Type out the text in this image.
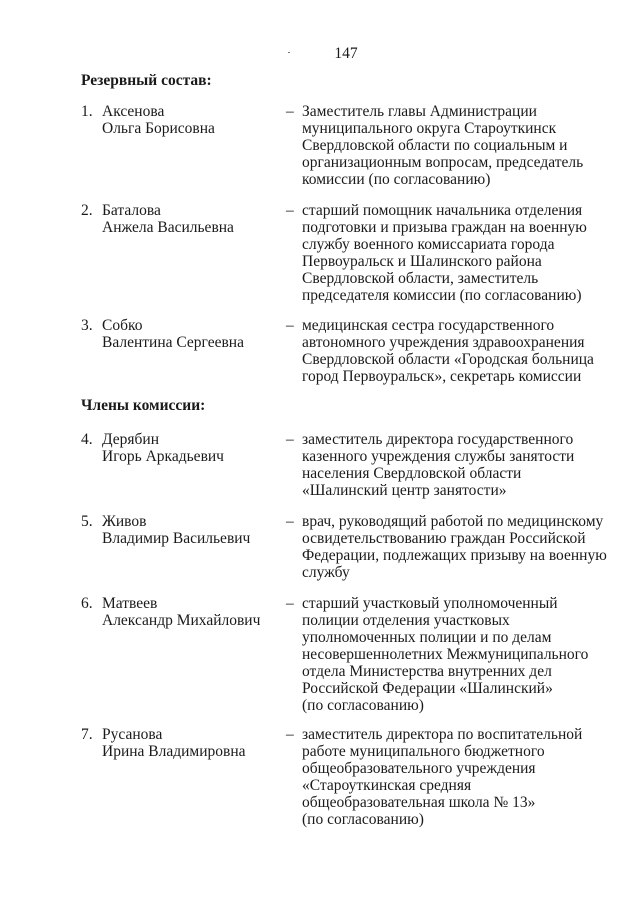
147
Резервный состав:
1. Аксенова
Ольга Борисовна
– Заместитель главы Администрации
муниципального округа Староуткинск
Свердловской области по социальным и
организационным вопросам, председатель
комиссии (по согласованию)
2. Баталова
Анжела Васильевна
– старший помощник начальника отделения
подготовки и призыва граждан на военную
службу военного комиссариата города
Первоуральск и Шалинского района
Свердловской области, заместитель
председателя комиссии (по согласованию)
3. Собко
Валентина Сергеевна
– медицинская сестра государственного
автономного учреждения здравоохранения
Свердловской области «Городская больница
город Первоуральск», секретарь комиссии
Члены комиссии:
4. Дерябин
Игорь Аркадьевич
– заместитель директора государственного
казенного учреждения службы занятости
населения Свердловской области
«Шалинский центр занятости»
5. Живов
Владимир Васильевич
– врач, руководящий работой по медицинскому
освидетельствованию граждан Российской
Федерации, подлежащих призыву на военную
службу
6. Матвеев
Александр Михайлович
– старший участковый уполномоченный
полиции отделения участковых
уполномоченных полиции и по делам
несовершеннолетних Межмуниципального
отдела Министерства внутренних дел
Российской Федерации «Шалинский»
(по согласованию)
7. Русанова
Ирина Владимировна
– заместитель директора по воспитательной
работе муниципального бюджетного
общеобразовательного учреждения
«Староуткинская средняя
общеобразовательная школа № 13»
(по согласованию)
